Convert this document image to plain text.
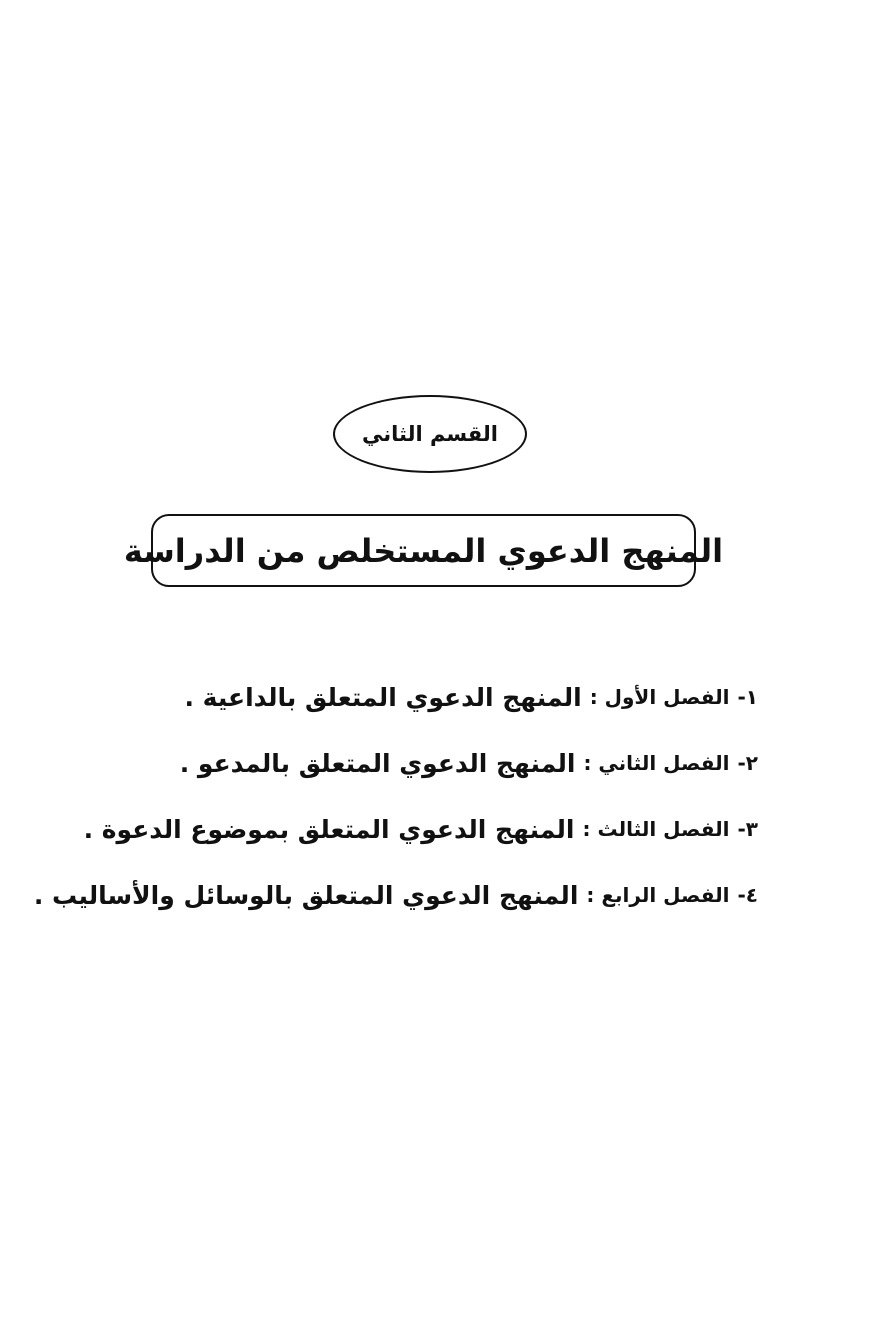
القسم الثاني
المنهج الدعوي المستخلص من الدراسة
١-
الفصل الأول :
المنهج الدعوي المتعلق بالداعية .
٢-
الفصل الثاني :
المنهج الدعوي المتعلق بالمدعو .
٣-
الفصل الثالث :
المنهج الدعوي المتعلق بموضوع الدعوة .
٤-
الفصل الرابع :
المنهج الدعوي المتعلق بالوسائل والأساليب .
